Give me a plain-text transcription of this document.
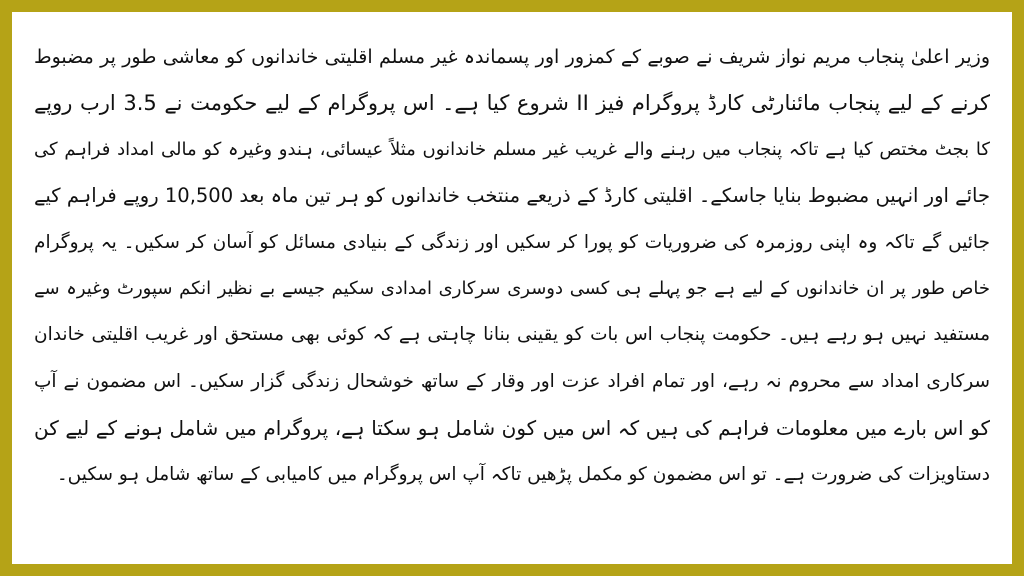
وزیر اعلیٰ پنجاب مریم نواز شریف نے صوبے کے کمزور اور پسماندہ غیر مسلم اقلیتی خاندانوں کو معاشی طور پر مضبوط
کرنے کے لیے پنجاب مائنارٹی کارڈ پروگرام فیز II شروع کیا ہے۔ اس پروگرام کے لیے حکومت نے 3.5 ارب روپے
کا بجٹ مختص کیا ہے تاکہ پنجاب میں رہنے والے غریب غیر مسلم خاندانوں مثلاً عیسائی، ہندو وغیرہ کو مالی امداد فراہم کی
جائے اور انہیں مضبوط بنایا جاسکے۔ اقلیتی کارڈ کے ذریعے منتخب خاندانوں کو ہر تین ماہ بعد 10,500 روپے فراہم کیے
جائیں گے تاکہ وہ اپنی روزمرہ کی ضروریات کو پورا کر سکیں اور زندگی کے بنیادی مسائل کو آسان کر سکیں۔ یہ پروگرام
خاص طور پر ان خاندانوں کے لیے ہے جو پہلے ہی کسی دوسری سرکاری امدادی سکیم جیسے بے نظیر انکم سپورٹ وغیرہ سے
مستفید نہیں ہو رہے ہیں۔ حکومت پنجاب اس بات کو یقینی بنانا چاہتی ہے کہ کوئی بھی مستحق اور غریب اقلیتی خاندان
سرکاری امداد سے محروم نہ رہے، اور تمام افراد عزت اور وقار کے ساتھ خوشحال زندگی گزار سکیں۔ اس مضمون نے آپ
کو اس بارے میں معلومات فراہم کی ہیں کہ اس میں کون شامل ہو سکتا ہے، پروگرام میں شامل ہونے کے لیے کن
دستاویزات کی ضرورت ہے۔ تو اس مضمون کو مکمل پڑھیں تاکہ آپ اس پروگرام میں کامیابی کے ساتھ شامل ہو سکیں۔
